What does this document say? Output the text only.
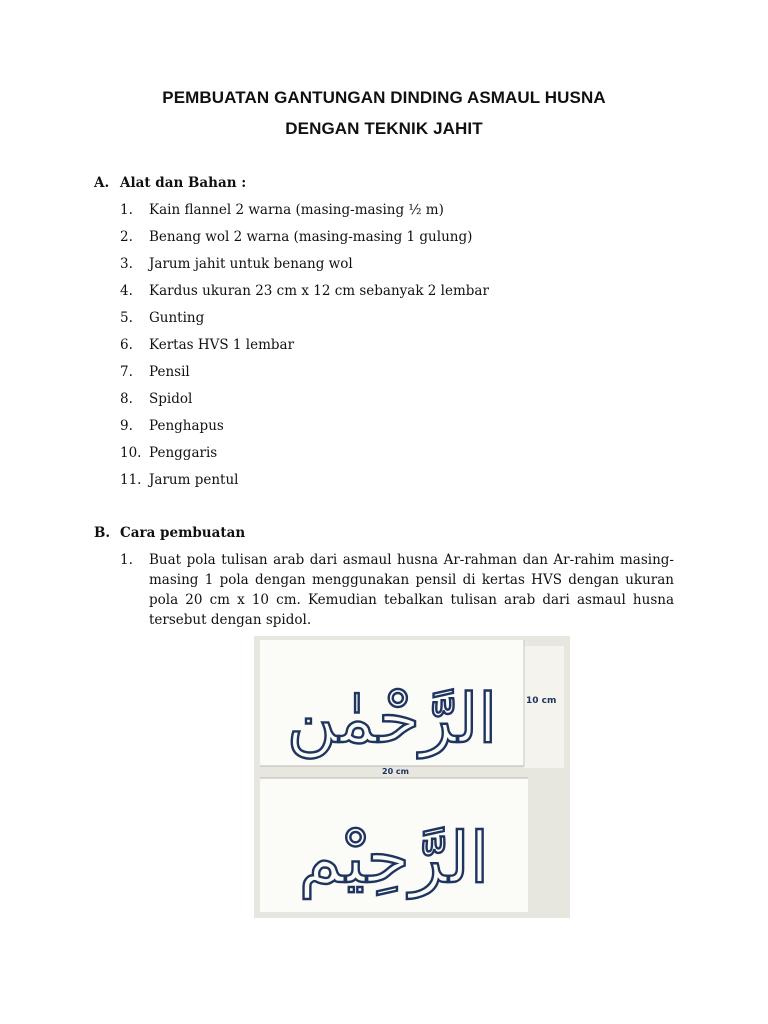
PEMBUATAN GANTUNGAN DINDING ASMAUL HUSNA
DENGAN TEKNIK JAHIT
A. Alat dan Bahan :
1. Kain flannel 2 warna (masing-masing ½ m)
2. Benang wol 2 warna (masing-masing 1 gulung)
3. Jarum jahit untuk benang wol
4. Kardus ukuran 23 cm x 12 cm sebanyak 2 lembar
5. Gunting
6. Kertas HVS 1 lembar
7. Pensil
8. Spidol
9. Penghapus
10. Penggaris
11. Jarum pentul
B. Cara pembuatan
1. Buat pola tulisan arab dari asmaul husna Ar-rahman dan Ar-rahim masing-masing 1 pola dengan menggunakan pensil di kertas HVS dengan ukuran pola 20 cm x 10 cm. Kemudian tebalkan tulisan arab dari asmaul husna tersebut dengan spidol.
الرَّحْمٰن
الرَّحِيْم
10 cm
20 cm
